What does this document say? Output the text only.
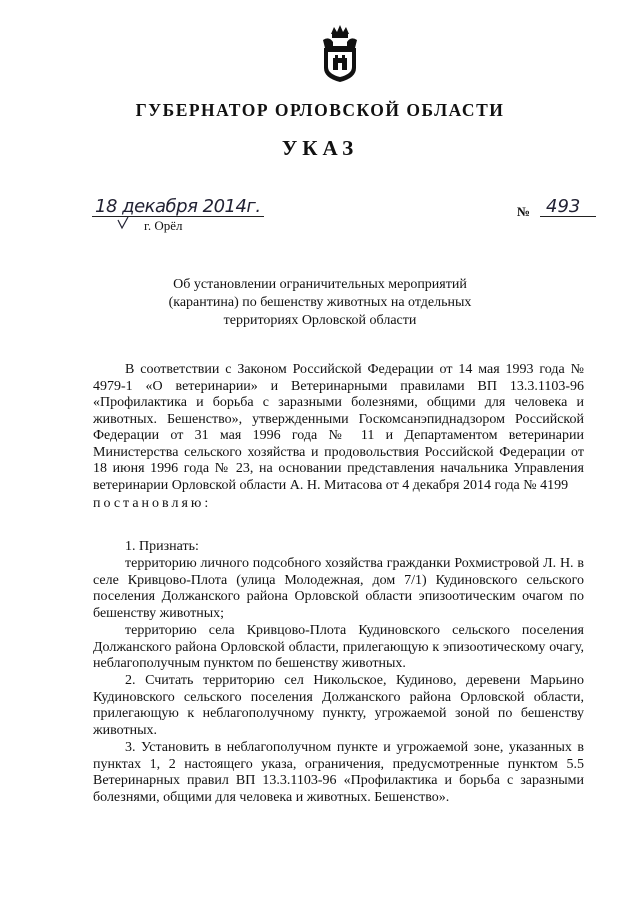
ГУБЕРНАТОР ОРЛОВСКОЙ ОБЛАСТИ
УКАЗ
18 декабря 2014г.
г. Орёл
№ 493
Об установлении ограничительных мероприятий
(карантина) по бешенству животных на отдельных
территориях Орловской области
В соответствии с Законом Российской Федерации от 14 мая 1993 года № 4979-1 «О ветеринарии» и Ветеринарными правилами ВП 13.3.1103-96 «Профилактика и борьба с заразными болезнями, общими для человека и животных. Бешенство», утвержденными Госкомсанэпиднадзором Российской Федерации от 31 мая 1996 года № 11 и Департаментом ветеринарии Министерства сельского хозяйства и продовольствия Российской Федерации от 18 июня 1996 года № 23, на основании представления начальника Управления ветеринарии Орловской области А. Н. Митасова от 4 декабря 2014 года № 4199
постановляю:
1. Признать:
территорию личного подсобного хозяйства гражданки Рохмистровой Л. Н. в селе Кривцово-Плота (улица Молодежная, дом 7/1) Кудиновского сельского поселения Должанского района Орловской области эпизоотическим очагом по бешенству животных;
территорию села Кривцово-Плота Кудиновского сельского поселения Должанского района Орловской области, прилегающую к эпизоотическому очагу, неблагополучным пунктом по бешенству животных.
2. Считать территорию сел Никольское, Кудиново, деревени Марьино Кудиновского сельского поселения Должанского района Орловской области, прилегающую к неблагополучному пункту, угрожаемой зоной по бешенству животных.
3. Установить в неблагополучном пункте и угрожаемой зоне, указанных в пунктах 1, 2 настоящего указа, ограничения, предусмотренные пунктом 5.5 Ветеринарных правил ВП 13.3.1103-96 «Профилактика и борьба с заразными болезнями, общими для человека и животных. Бешенство».
